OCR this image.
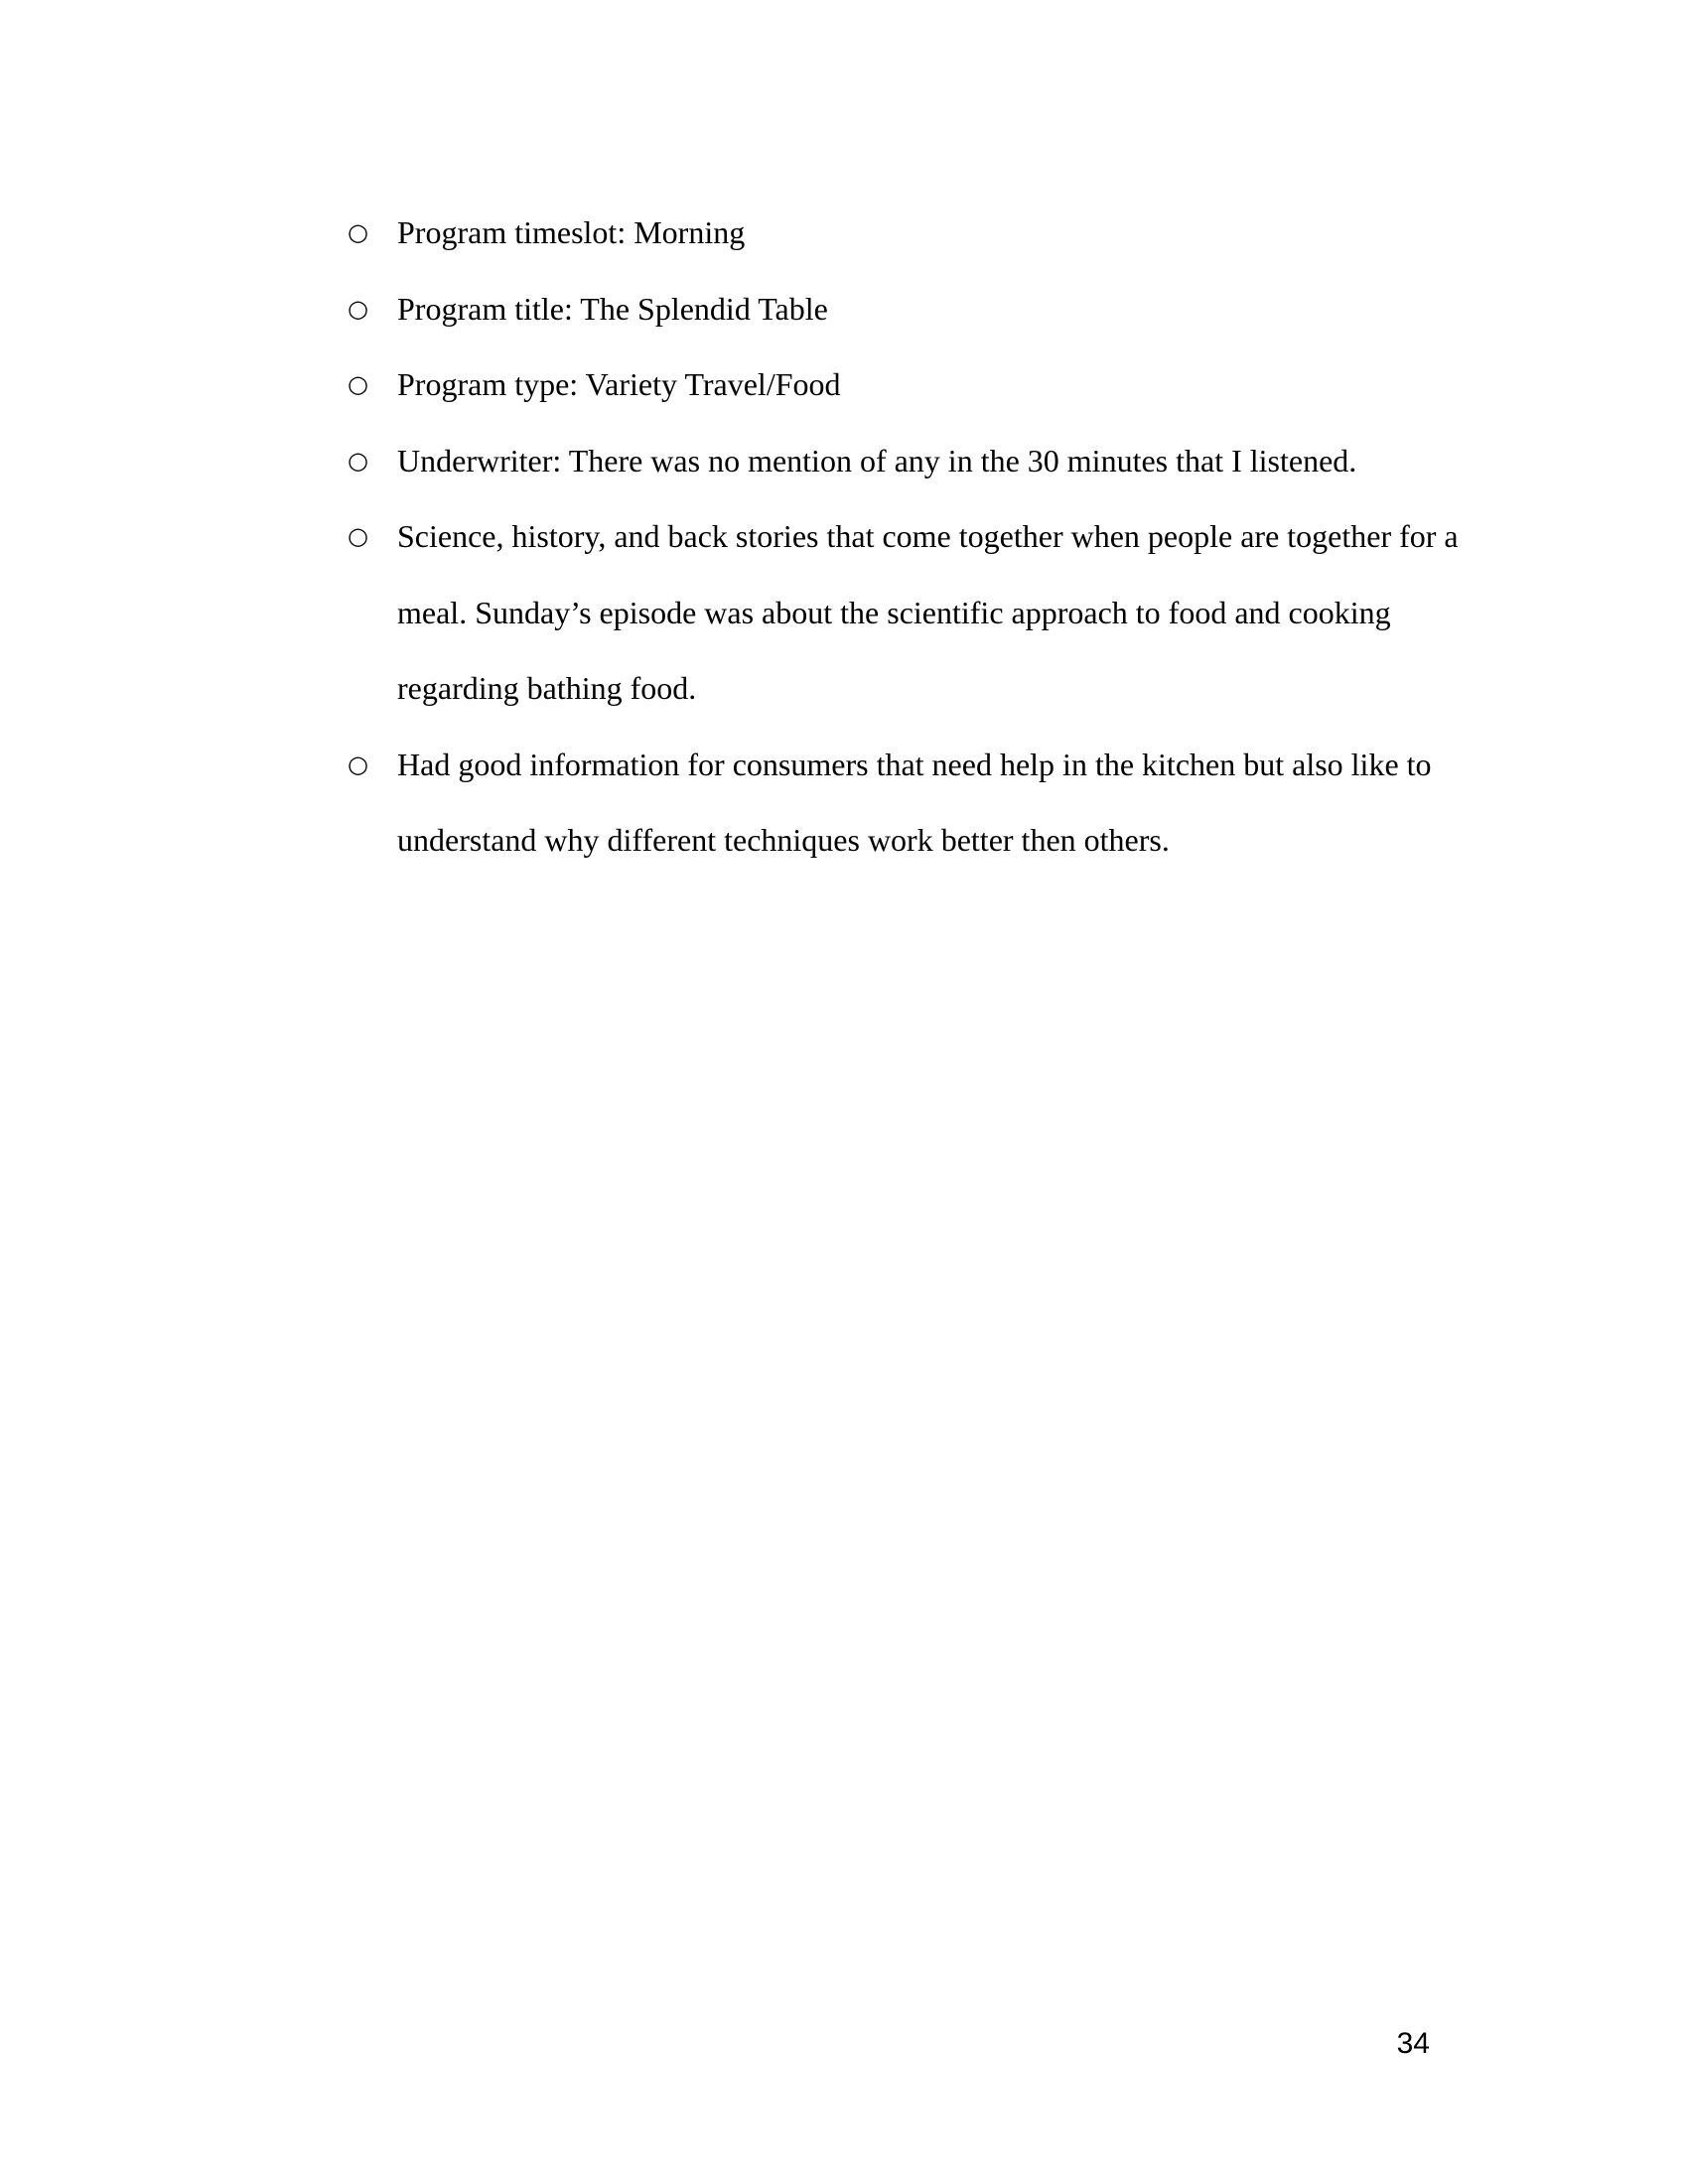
○ Program timeslot: Morning
○ Program title: The Splendid Table
○ Program type: Variety Travel/Food
○ Underwriter: There was no mention of any in the 30 minutes that I listened.
○ Science, history, and back stories that come together when people are together for a meal. Sunday’s episode was about the scientific approach to food and cooking regarding bathing food.
○ Had good information for consumers that need help in the kitchen but also like to understand why different techniques work better then others.
34
